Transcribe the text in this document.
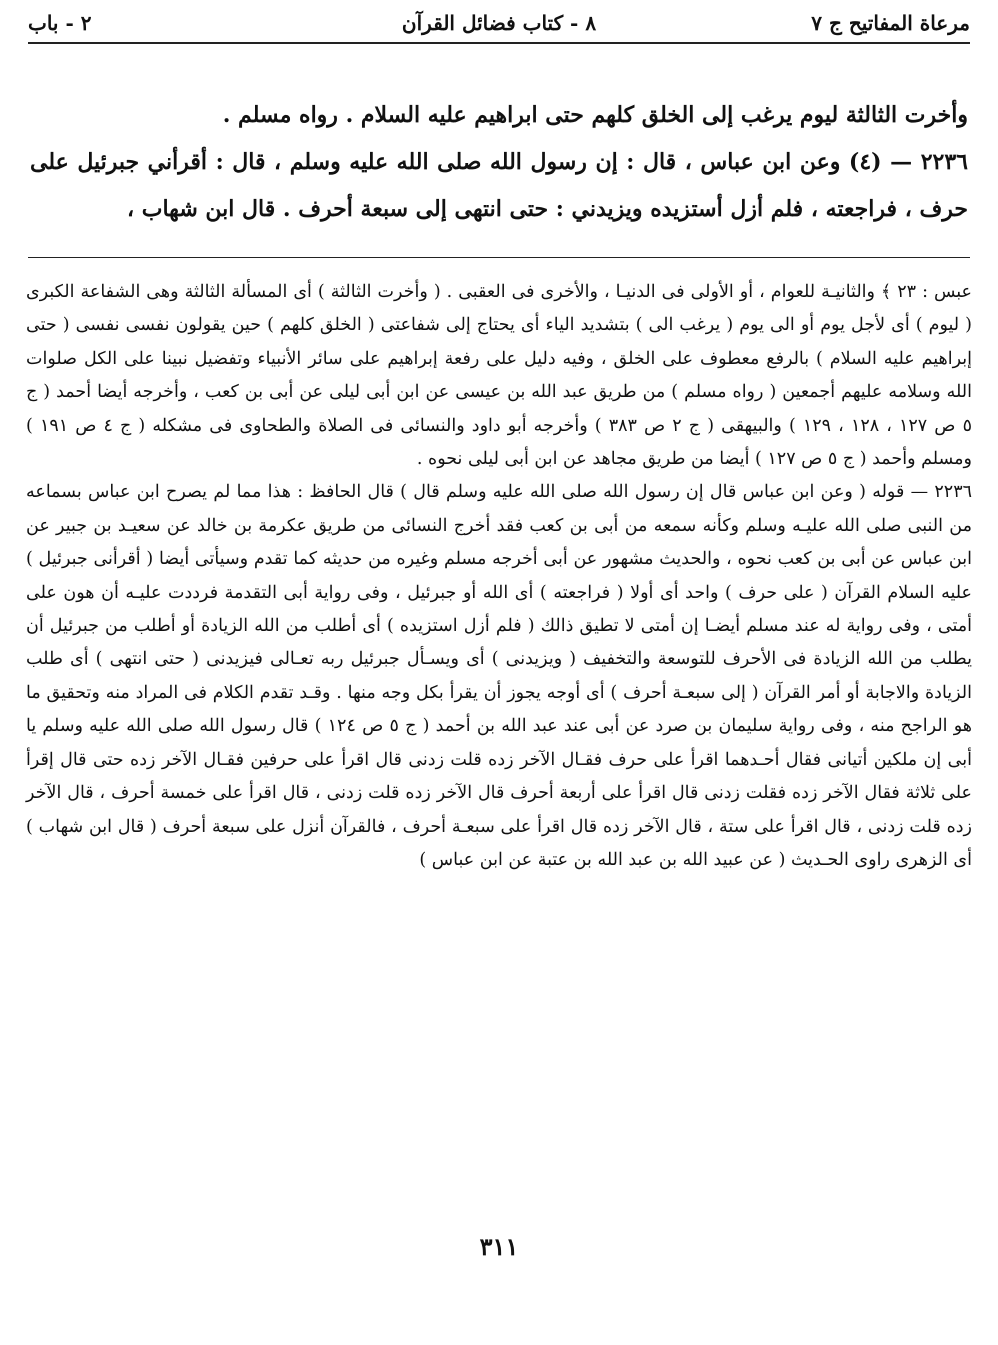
مرعاة المفاتيح ج ٧
٨ - كتاب فضائل القرآن
٢ - باب

وأخرت الثالثة ليوم يرغب إلى الخلق كلهم حتى ابراهيم عليه السلام . رواه مسلم .

٢٢٣٦ — (٤) وعن ابن عباس ، قال : إن رسول الله صلى الله عليه وسلم ، قال : أقرأني جبرئيل على حرف ، فراجعته ، فلم أزل أستزيده ويزيدني : حتى انتهى إلى سبعة أحرف . قال ابن شهاب ،

عبس : ٢٣ ﴾ والثانيـة للعوام ، أو الأولى فى الدنيـا ، والأخرى فى العقبى . ( وأخرت الثالثة ) أى المسألة الثالثة وهى الشفاعة الكبرى ( ليوم ) أى لأجل يوم أو الى يوم ( يرغب الى ) بتشديد الياء أى يحتاج إلى شفاعتى ( الخلق كلهم ) حين يقولون نفسى نفسى ( حتى إبراهيم عليه السلام ) بالرفع معطوف على الخلق ، وفيه دليل على رفعة إبراهيم على سائر الأنبياء وتفضيل نبينا على الكل صلوات الله وسلامه عليهم أجمعين ( رواه مسلم ) من طريق عبد الله بن عيسى عن ابن أبى ليلى عن أبى بن كعب ، وأخرجه أيضا أحمد ( ج ٥ ص ١٢٧ ، ١٢٨ ، ١٢٩ ) والبيهقى ( ج ٢ ص ٣٨٣ ) وأخرجه أبو داود والنسائى فى الصلاة والطحاوى فى مشكله ( ج ٤ ص ١٩١ ) ومسلم وأحمد ( ج ٥ ص ١٢٧ ) أيضا من طريق مجاهد عن ابن أبى ليلى نحوه .

٢٢٣٦ — قوله ( وعن ابن عباس قال إن رسول الله صلى الله عليه وسلم قال ) قال الحافظ : هذا مما لم يصرح ابن عباس بسماعه من النبى صلى الله عليـه وسلم وكأنه سمعه من أبى بن كعب فقد أخرج النسائى من طريق عكرمة بن خالد عن سعيـد بن جبير عن ابن عباس عن أبى بن كعب نحوه ، والحديث مشهور عن أبى أخرجه مسلم وغيره من حديثه كما تقدم وسيأتى أيضا ( أقرأنى جبرئيل ) عليه السلام القرآن ( على حرف ) واحد أى أولا ( فراجعته ) أى الله أو جبرئيل ، وفى رواية أبى التقدمة فرددت عليـه أن هون على أمتى ، وفى رواية له عند مسلم أيضـا إن أمتى لا تطيق ذالك ( فلم أزل استزيده ) أى أطلب من الله الزيادة أو أطلب من جبرئيل أن يطلب من الله الزيادة فى الأحرف للتوسعة والتخفيف ( ويزيدنى ) أى ويسـأل جبرئيل ربه تعـالى فيزيدنى ( حتى انتهى ) أى طلب الزيادة والاجابة أو أمر القرآن ( إلى سبعـة أحرف ) أى أوجه يجوز أن يقرأ بكل وجه منها . وقـد تقدم الكلام فى المراد منه وتحقيق ما هو الراجح منه ، وفى رواية سليمان بن صرد عن أبى عند عبد الله بن أحمد ( ج ٥ ص ١٢٤ ) قال رسول الله صلى الله عليه وسلم يا أبى إن ملكين أتيانى فقال أحـدهما اقرأ على حرف فقـال الآخر زده قلت زدنى قال اقرأ على حرفين فقـال الآخر زده حتى قال إقرأ على ثلاثة فقال الآخر زده فقلت زدنى قال اقرأ على أربعة أحرف قال الآخر زده قلت زدنى ، قال اقرأ على خمسة أحرف ، قال الآخر زده قلت زدنى ، قال اقرأ على ستة ، قال الآخر زده قال اقرأ على سبعـة أحرف ، فالقرآن أنزل على سبعة أحرف ( قال ابن شهاب ) أى الزهرى راوى الحـديث ( عن عبيد الله بن عبد الله بن عتبة عن ابن عباس )

٣١١
